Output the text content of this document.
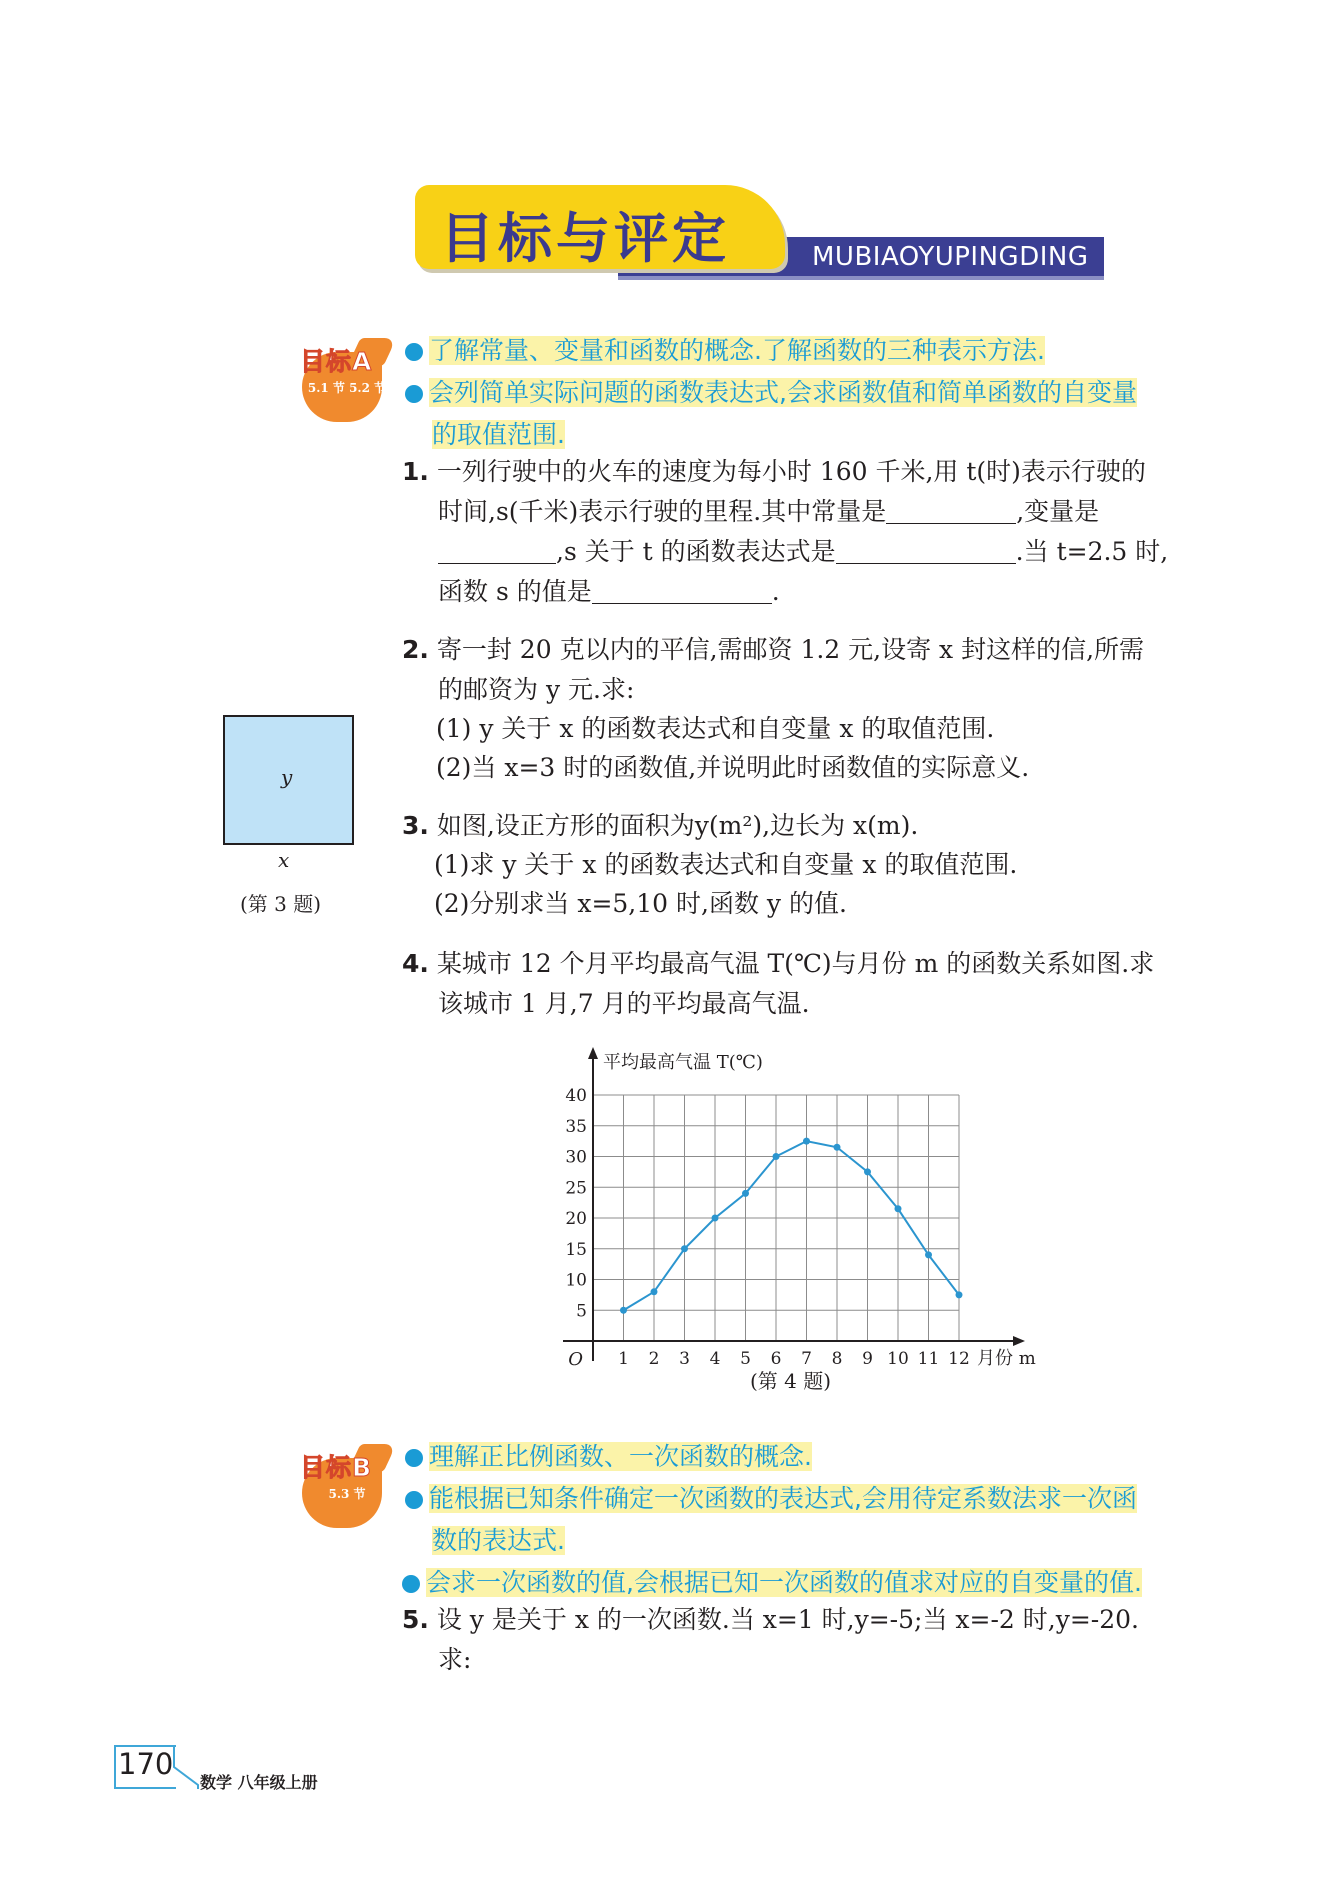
MUBIAOYUPINGDING
目标与评定
目标A
5.1 节 5.2 节
了解常量、变量和函数的概念.了解函数的三种表示方法.
会列简单实际问题的函数表达式,会求函数值和简单函数的自变量
的取值范围.
1. 一列行驶中的火车的速度为每小时 160 千米,用 t(时)表示行驶的
时间,s(千米)表示行驶的里程.其中常量是	,变量是
,s 关于 t 的函数表达式是	.当 t=2.5 时,
函数 s 的值是	.
2. 寄一封 20 克以内的平信,需邮资 1.2 元,设寄 x 封这样的信,所需
的邮资为 y 元.求:
(1) y 关于 x 的函数表达式和自变量 x 的取值范围.
(2)当 x=3 时的函数值,并说明此时函数值的实际意义.
y
x
(第 3 题)
3. 如图,设正方形的面积为y(m²),边长为 x(m).
(1)求 y 关于 x 的函数表达式和自变量 x 的取值范围.
(2)分别求当 x=5,10 时,函数 y 的值.
4. 某城市 12 个月平均最高气温 T(℃)与月份 m 的函数关系如图.求
该城市 1 月,7 月的平均最高气温.
1 2 3 4 5 6 7 8 9 10 11 12
5
10
15
20
25
30
35
40
O
平均最高气温 T(℃)
月份 m
(第 4 题)
目标B
5.3 节
理解正比例函数、一次函数的概念.
能根据已知条件确定一次函数的表达式,会用待定系数法求一次函
数的表达式.
会求一次函数的值,会根据已知一次函数的值求对应的自变量的值.
5. 设 y 是关于 x 的一次函数.当 x=1 时,y=-5;当 x=-2 时,y=-20.
求:
170
数学 八年级上册
